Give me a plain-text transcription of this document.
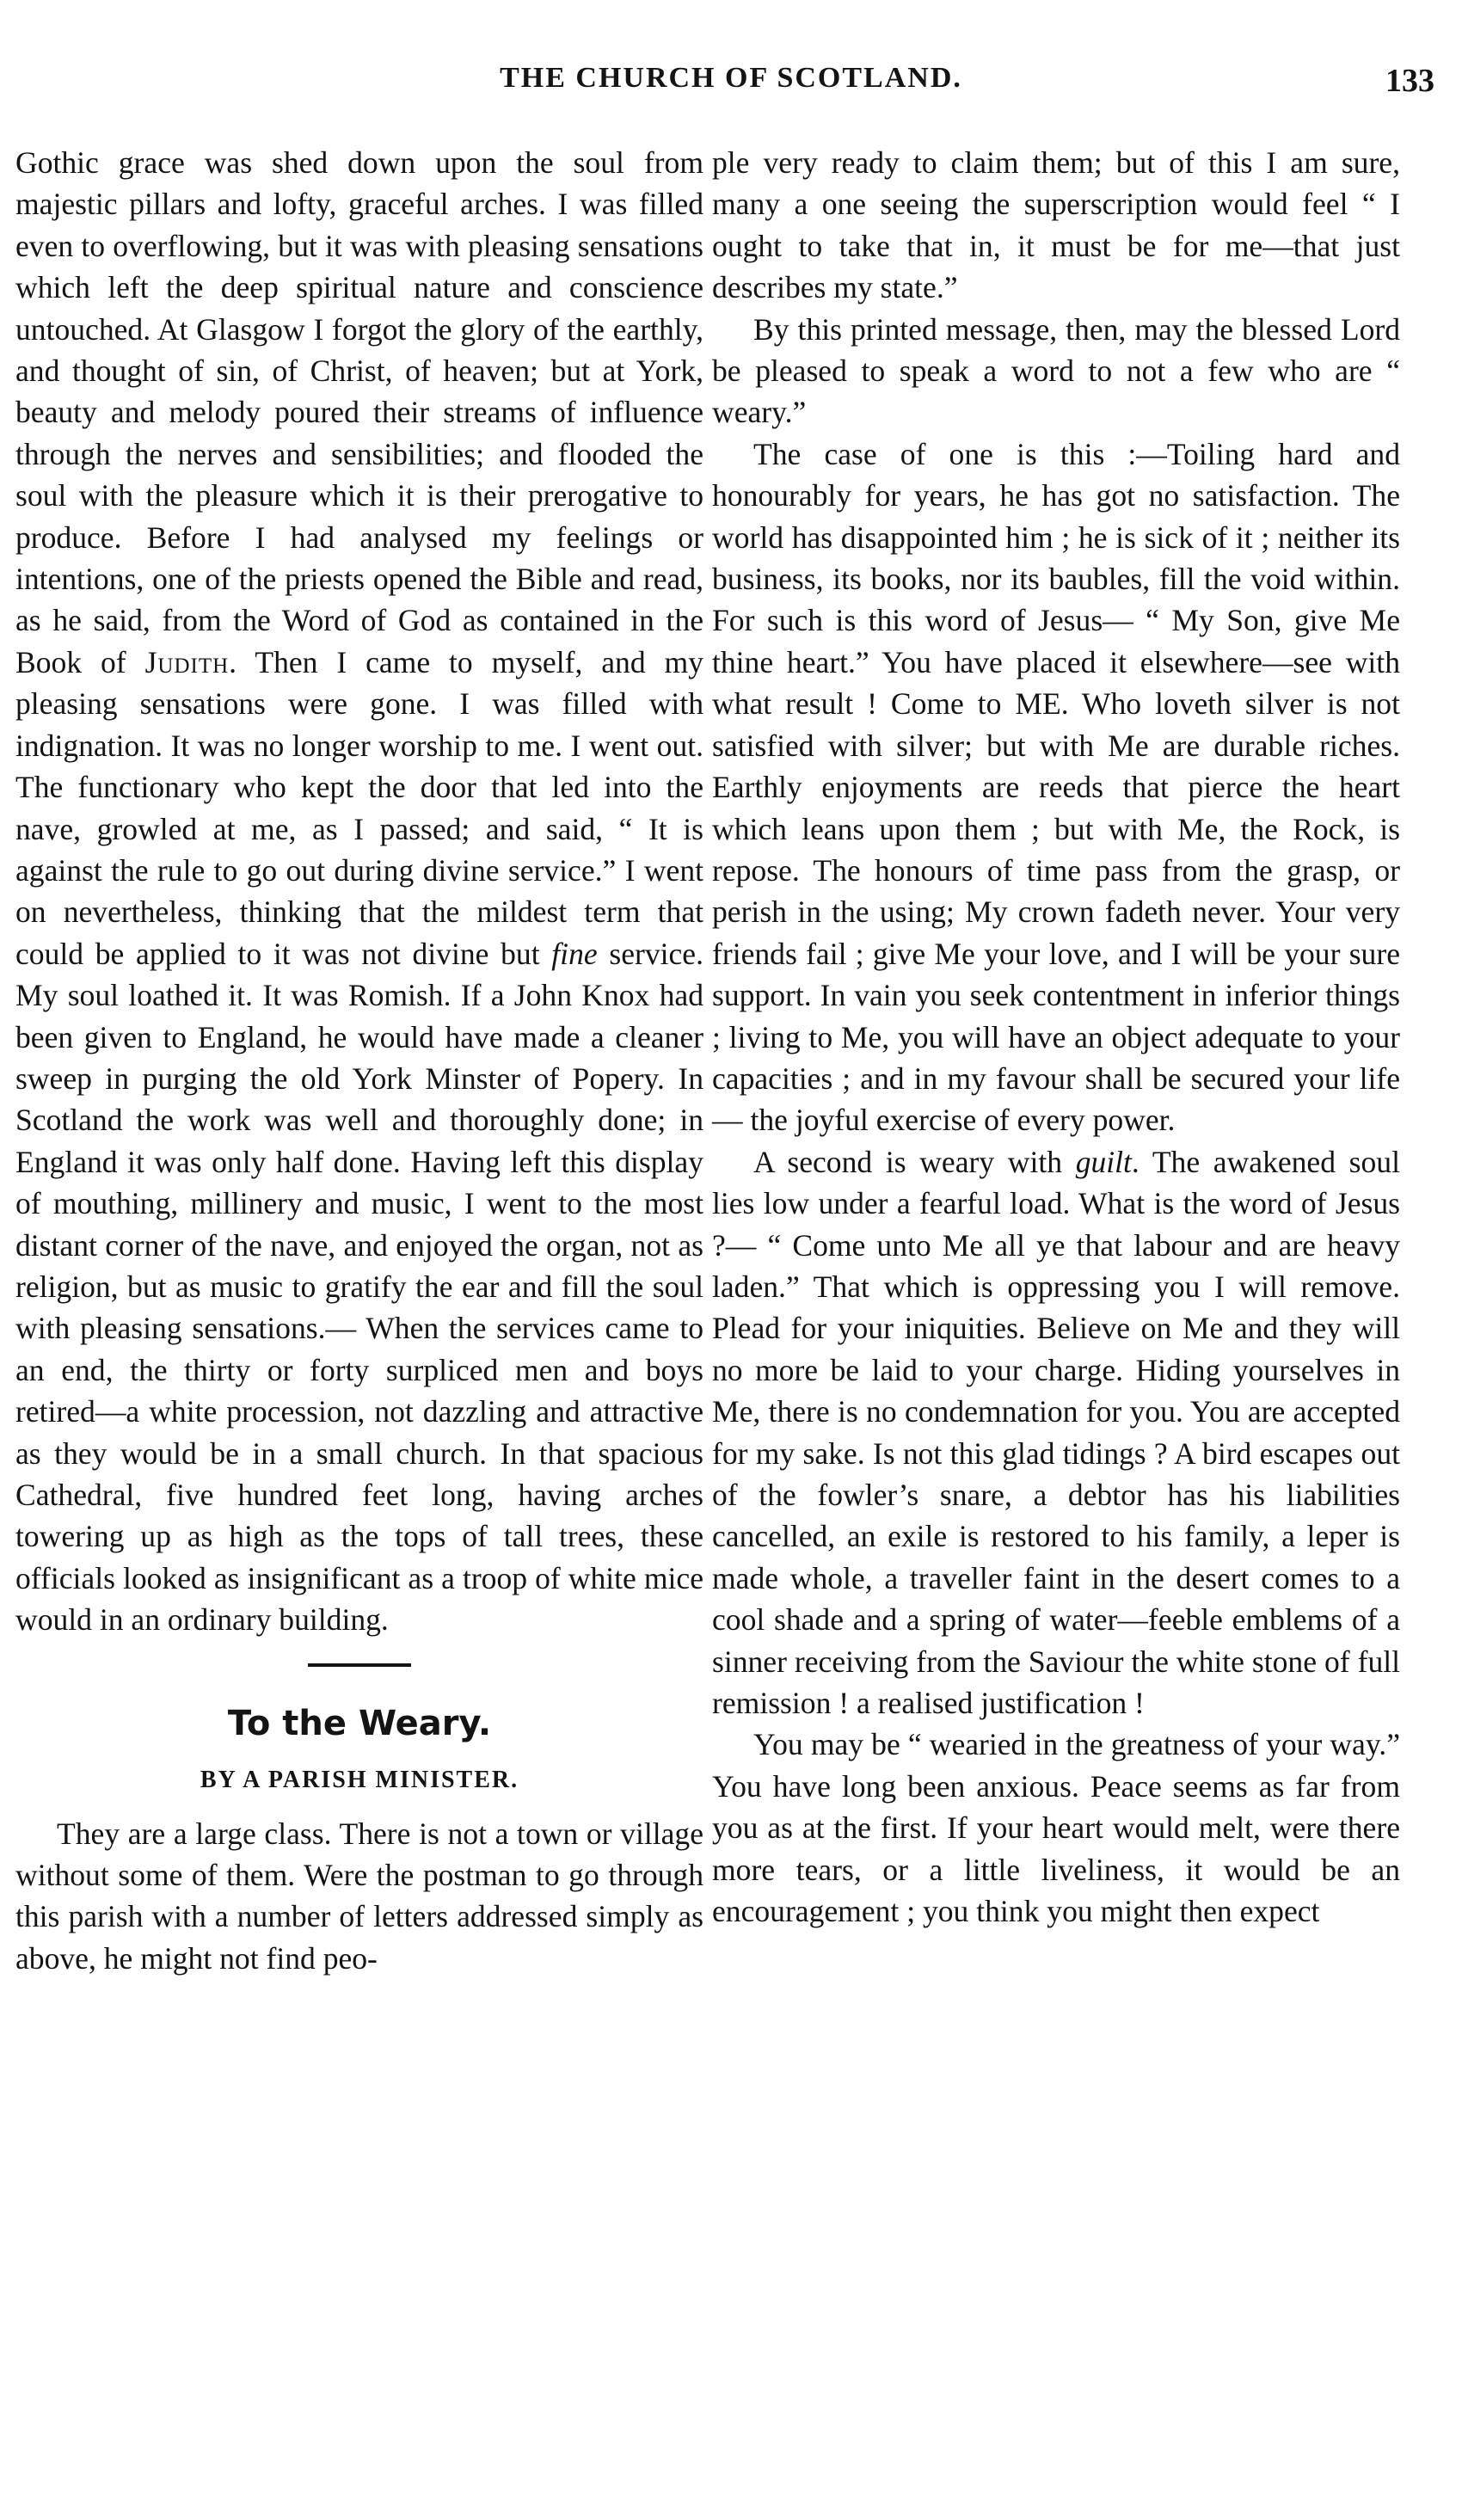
THE CHURCH OF SCOTLAND.	133

Gothic grace was shed down upon the soul from majestic pillars and lofty, graceful arches. I was filled even to overflowing, but it was with pleasing sensations which left the deep spiritual nature and conscience untouched. At Glasgow I forgot the glory of the earthly, and thought of sin, of Christ, of heaven; but at York, beauty and melody poured their streams of influence through the nerves and sensibilities; and flooded the soul with the pleasure which it is their prerogative to produce. Before I had analysed my feelings or intentions, one of the priests opened the Bible and read, as he said, from the Word of God as contained in the Book of Judith. Then I came to myself, and my pleasing sensations were gone. I was filled with indignation. It was no longer worship to me. I went out. The functionary who kept the door that led into the nave, growled at me, as I passed; and said, “ It is against the rule to go out during divine service.” I went on nevertheless, thinking that the mildest term that could be applied to it was not divine but fine service. My soul loathed it. It was Romish. If a John Knox had been given to England, he would have made a cleaner sweep in purging the old York Minster of Popery. In Scotland the work was well and thoroughly done; in England it was only half done. Having left this display of mouthing, millinery and music, I went to the most distant corner of the nave, and enjoyed the organ, not as religion, but as music to gratify the ear and fill the soul with pleasing sensations.— When the services came to an end, the thirty or forty surpliced men and boys retired—a white procession, not dazzling and attractive as they would be in a small church. In that spacious Cathedral, five hundred feet long, having arches towering up as high as the tops of tall trees, these officials looked as insignificant as a troop of white mice would in an ordinary building.

To the Weary.
BY A PARISH MINISTER.

They are a large class. There is not a town or village without some of them. Were the postman to go through this parish with a number of letters addressed simply as above, he might not find peo-

ple very ready to claim them; but of this I am sure, many a one seeing the superscription would feel “ I ought to take that in, it must be for me—that just describes my state.”

By this printed message, then, may the blessed Lord be pleased to speak a word to not a few who are “ weary.”

The case of one is this :—Toiling hard and honourably for years, he has got no satisfaction. The world has disappointed him ; he is sick of it ; neither its business, its books, nor its baubles, fill the void within. For such is this word of Jesus— “ My Son, give Me thine heart.” You have placed it elsewhere—see with what result ! Come to ME. Who loveth silver is not satisfied with silver; but with Me are durable riches. Earthly enjoyments are reeds that pierce the heart which leans upon them ; but with Me, the Rock, is repose. The honours of time pass from the grasp, or perish in the using; My crown fadeth never. Your very friends fail ; give Me your love, and I will be your sure support. In vain you seek contentment in inferior things ; living to Me, you will have an object adequate to your capacities ; and in my favour shall be secured your life— the joyful exercise of every power.

A second is weary with guilt. The awakened soul lies low under a fearful load. What is the word of Jesus ?— “ Come unto Me all ye that labour and are heavy laden.” That which is oppressing you I will remove. Plead for your iniquities. Believe on Me and they will no more be laid to your charge. Hiding yourselves in Me, there is no condemnation for you. You are accepted for my sake. Is not this glad tidings ? A bird escapes out of the fowler’s snare, a debtor has his liabilities cancelled, an exile is restored to his family, a leper is made whole, a traveller faint in the desert comes to a cool shade and a spring of water—feeble emblems of a sinner receiving from the Saviour the white stone of full remission ! a realised justification !

You may be “ wearied in the greatness of your way.” You have long been anxious. Peace seems as far from you as at the first. If your heart would melt, were there more tears, or a little liveliness, it would be an encouragement ; you think you might then expect
